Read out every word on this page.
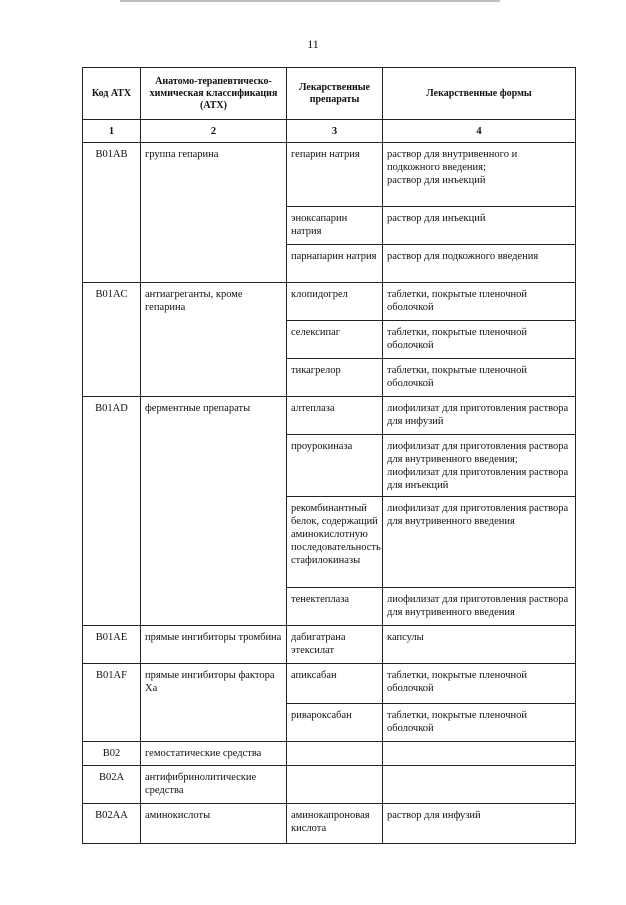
11
Код АТХ	Анатомо-терапевтическо-химическая классификация (АТХ)	Лекарственные препараты	Лекарственные формы
1	2	3	4
B01AB	группа гепарина	гепарин натрия	раствор для внутривенного и подкожного введения;
раствор для инъекций
		эноксапарин натрия	раствор для инъекций
		парнапарин натрия	раствор для подкожного введения
B01AC	антиагреганты, кроме гепарина	клопидогрел	таблетки, покрытые пленочной оболочкой
		селексипаг	таблетки, покрытые пленочной оболочкой
		тикагрелор	таблетки, покрытые пленочной оболочкой
B01AD	ферментные препараты	алтеплаза	лиофилизат для приготовления раствора для инфузий
		проурокиназа	лиофилизат для приготовления раствора для внутривенного введения;
лиофилизат для приготовления раствора для инъекций
		рекомбинантный белок, содержащий аминокислотную последовательность стафилокиназы	лиофилизат для приготовления раствора для внутривенного введения
		тенектеплаза	лиофилизат для приготовления раствора для внутривенного введения
B01AE	прямые ингибиторы тромбина	дабигатрана этексилат	капсулы
B01AF	прямые ингибиторы фактора Ха	апиксабан	таблетки, покрытые пленочной оболочкой
		ривароксабан	таблетки, покрытые пленочной оболочкой
B02	гемостатические средства		
B02A	антифибринолитические средства		
B02AA	аминокислоты	аминокапроновая кислота	раствор для инфузий
